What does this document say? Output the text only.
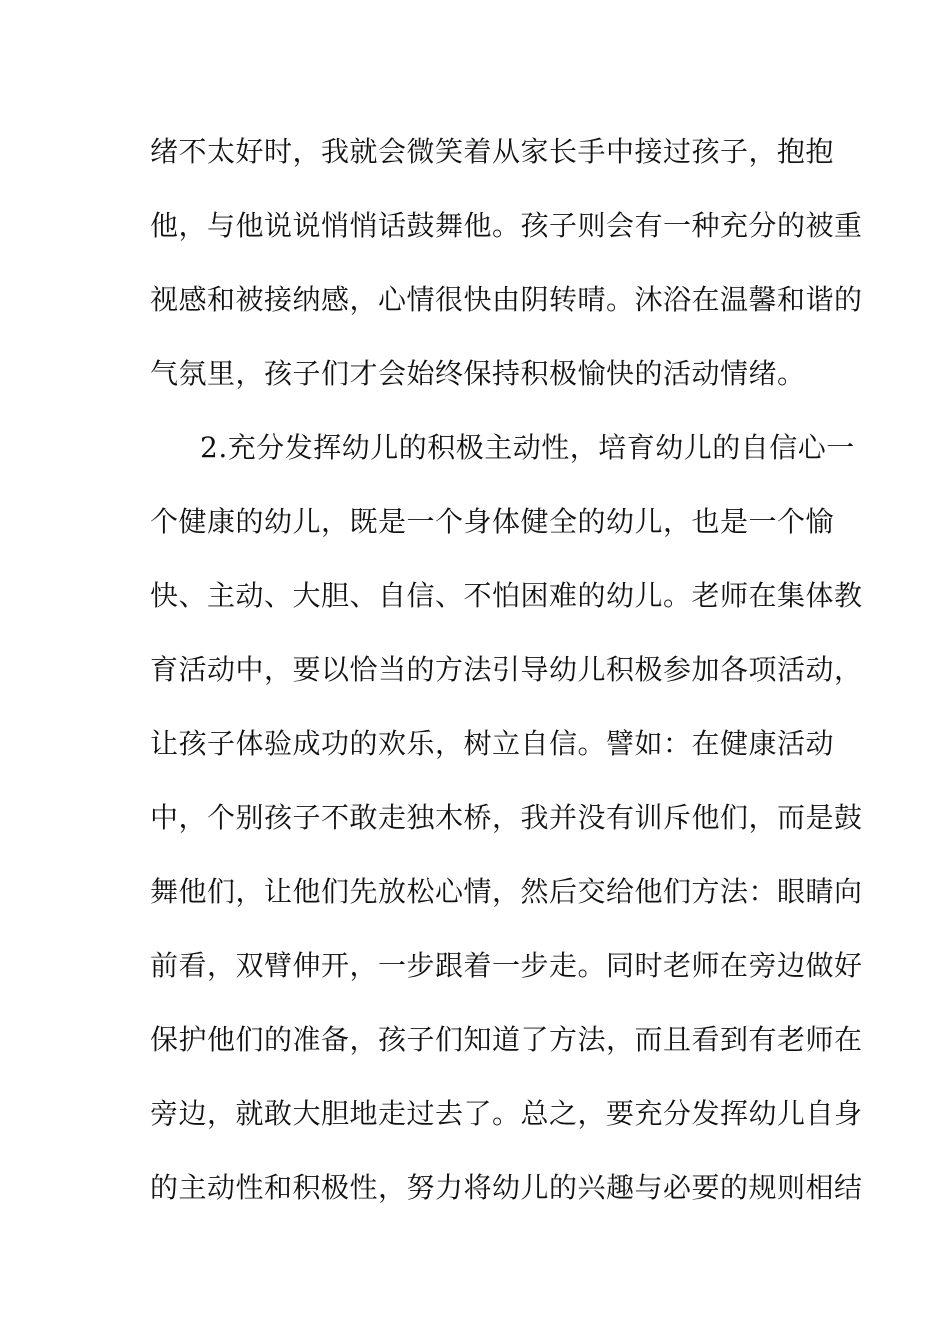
绪不太好时，我就会微笑着从家长手中接过孩子，抱抱
他，与他说说悄悄话鼓舞他。孩子则会有一种充分的被重
视感和被接纳感，心情很快由阴转晴。沐浴在温馨和谐的
气氛里，孩子们才会始终保持积极愉快的活动情绪。
2.充分发挥幼儿的积极主动性，培育幼儿的自信心一
个健康的幼儿，既是一个身体健全的幼儿，也是一个愉
快、主动、大胆、自信、不怕困难的幼儿。老师在集体教
育活动中，要以恰当的方法引导幼儿积极参加各项活动，
让孩子体验成功的欢乐，树立自信。譬如：在健康活动
中，个别孩子不敢走独木桥，我并没有训斥他们，而是鼓
舞他们，让他们先放松心情，然后交给他们方法：眼睛向
前看，双臂伸开，一步跟着一步走。同时老师在旁边做好
保护他们的准备，孩子们知道了方法，而且看到有老师在
旁边，就敢大胆地走过去了。总之，要充分发挥幼儿自身
的主动性和积极性，努力将幼儿的兴趣与必要的规则相结
